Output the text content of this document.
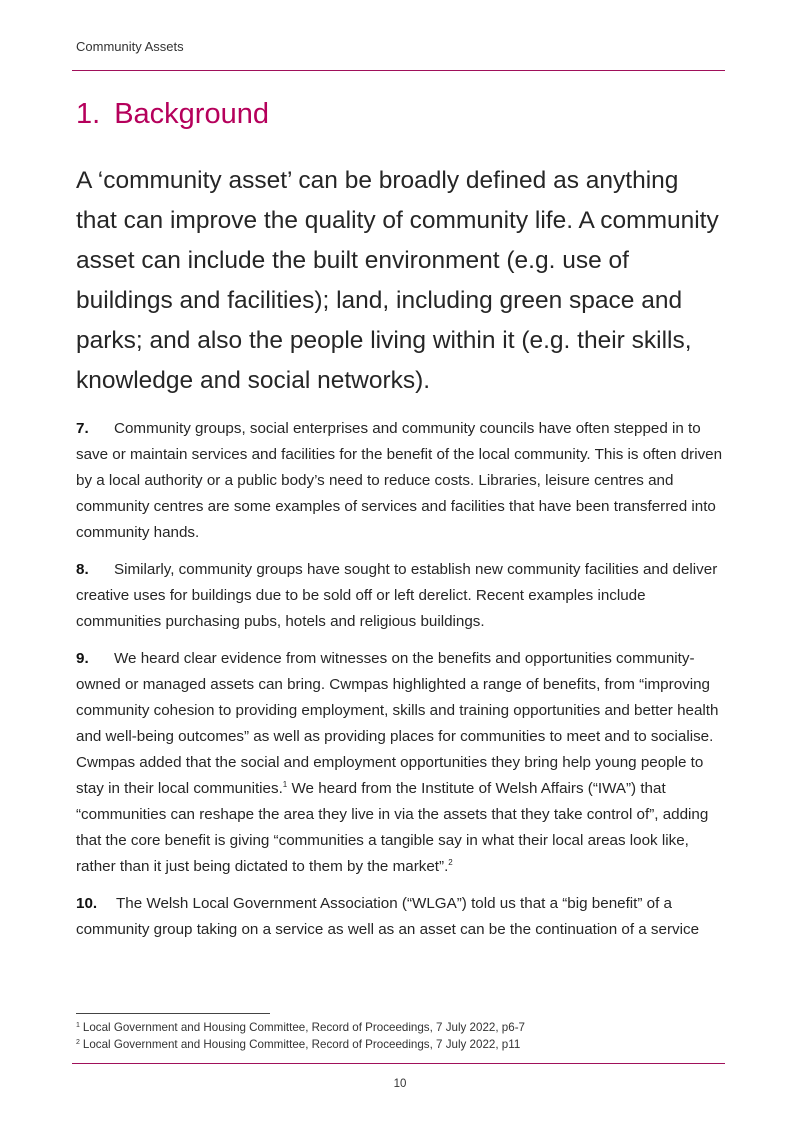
Community Assets
1. Background

A ‘community asset’ can be broadly defined as anything that can improve the quality of community life. A community asset can include the built environment (e.g. use of buildings and facilities); land, including green space and parks; and also the people living within it (e.g. their skills, knowledge and social networks).

7. Community groups, social enterprises and community councils have often stepped in to save or maintain services and facilities for the benefit of the local community. This is often driven by a local authority or a public body’s need to reduce costs. Libraries, leisure centres and community centres are some examples of services and facilities that have been transferred into community hands.

8. Similarly, community groups have sought to establish new community facilities and deliver creative uses for buildings due to be sold off or left derelict. Recent examples include communities purchasing pubs, hotels and religious buildings.

9. We heard clear evidence from witnesses on the benefits and opportunities community-owned or managed assets can bring. Cwmpas highlighted a range of benefits, from “improving community cohesion to providing employment, skills and training opportunities and better health and well-being outcomes” as well as providing places for communities to meet and to socialise. Cwmpas added that the social and employment opportunities they bring help young people to stay in their local communities.$^1$ We heard from the Institute of Welsh Affairs (“IWA”) that “communities can reshape the area they live in via the assets that they take control of”, adding that the core benefit is giving “communities a tangible say in what their local areas look like, rather than it just being dictated to them by the market”.$^2$

10. The Welsh Local Government Association (“WLGA”) told us that a “big benefit” of a community group taking on a service as well as an asset can be the continuation of a service

$^1$ Local Government and Housing Committee, Record of Proceedings, 7 July 2022, p6-7

$^2$ Local Government and Housing Committee, Record of Proceedings, 7 July 2022, p11

10
